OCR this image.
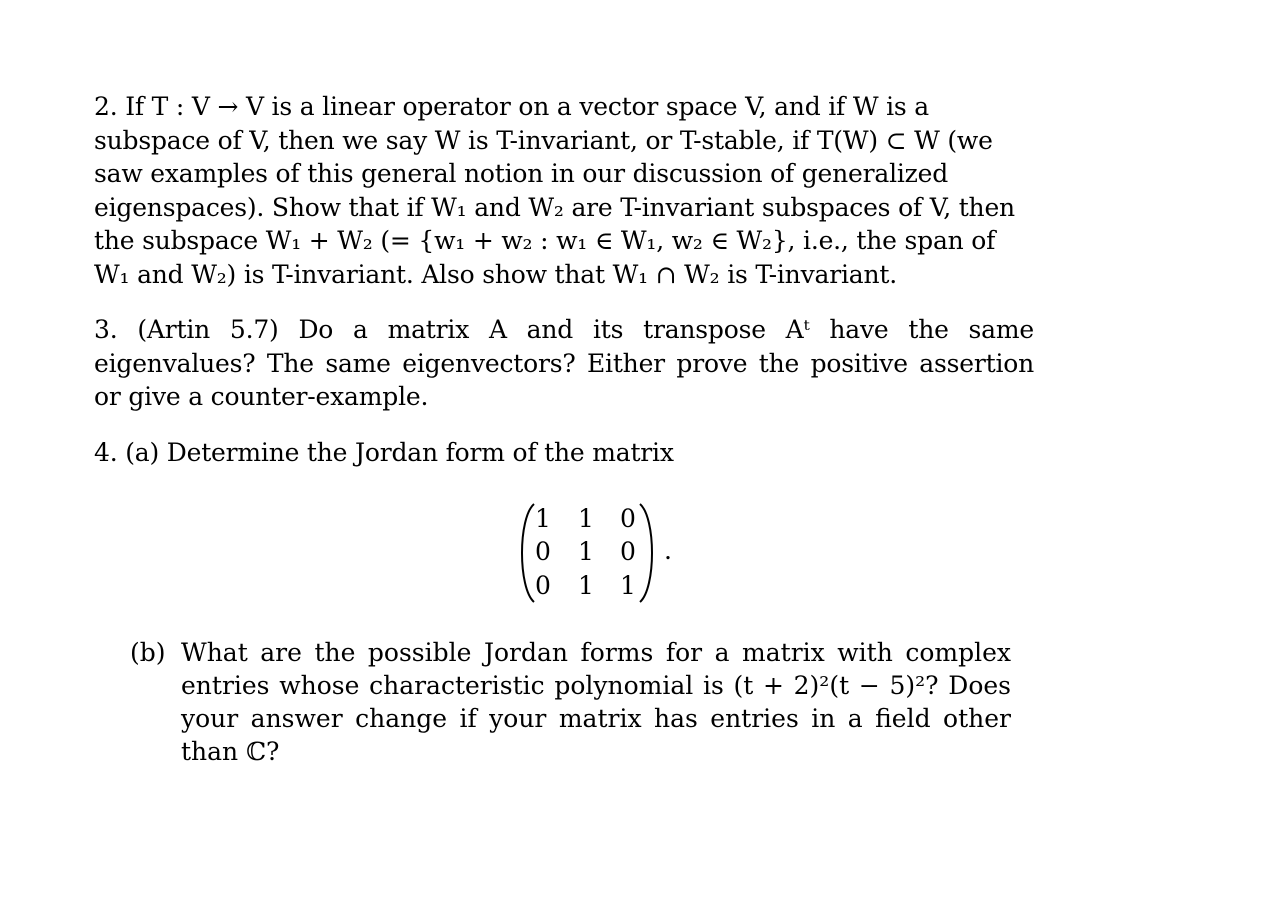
2. If T : V → V is a linear operator on a vector space V, and if W is a subspace of V, then we say W is T-invariant, or T-stable, if T(W) ⊂ W (we saw examples of this general notion in our discussion of generalized eigenspaces). Show that if W₁ and W₂ are T-invariant subspaces of V, then the subspace W₁ + W₂ (= {w₁ + w₂ : w₁ ∈ W₁, w₂ ∈ W₂}, i.e., the span of W₁ and W₂) is T-invariant. Also show that W₁ ∩ W₂ is T-invariant.

3. (Artin 5.7) Do a matrix A and its transpose Aᵗ have the same eigenvalues? The same eigenvectors? Either prove the positive assertion or give a counter-example.

4. (a) Determine the Jordan form of the matrix

1 1 0
0 1 0
0 1 1
.
(b) What are the possible Jordan forms for a matrix with complex entries whose characteristic polynomial is (t + 2)²(t − 5)²? Does your answer change if your matrix has entries in a field other than ℂ?
